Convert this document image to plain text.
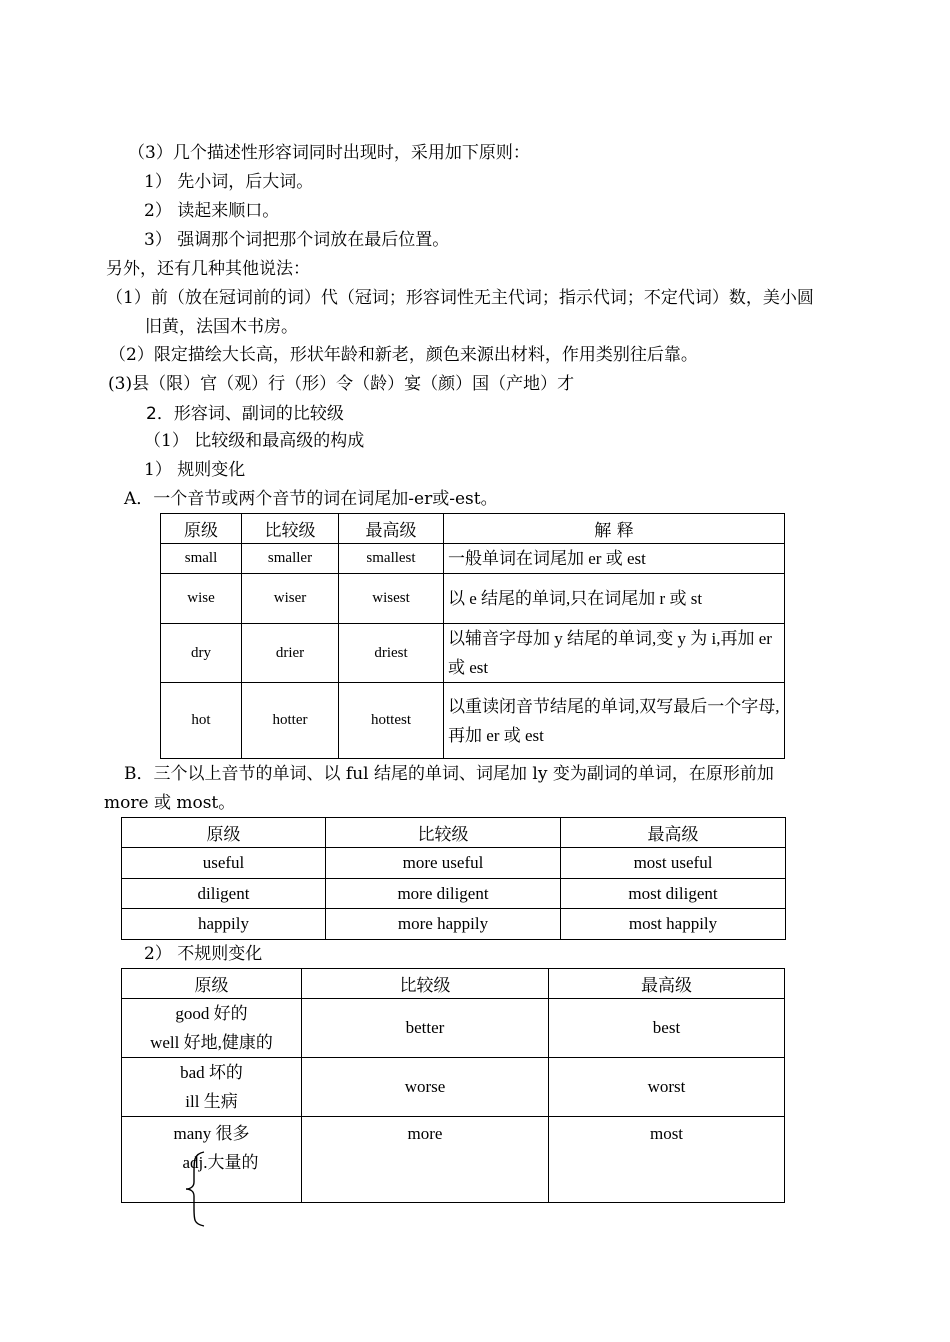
（3）几个描述性形容词同时出现时，采用加下原则：
1） 先小词，后大词。
2） 读起来顺口。
3） 强调那个词把那个词放在最后位置。
另外，还有几种其他说法：
（1）前（放在冠词前的词）代（冠词；形容词性无主代词；指示代词；不定代词）数，美小圆
旧黄，法国木书房。
（2）限定描绘大长高，形状年龄和新老，颜色来源出材料，作用类别往后靠。
(3)县（限）官（观）行（形）令（龄）宴（颜）国（产地）才
2．形容词、副词的比较级
（1） 比较级和最高级的构成
1） 规则变化
A．一个音节或两个音节的词在词尾加-er或-est。
原级	比较级	最高级	解 释
small	smaller	smallest	一般单词在词尾加 er 或 est
wise	wiser	wisest	以 e 结尾的单词,只在词尾加 r 或 st
dry	drier	driest	以辅音字母加 y 结尾的单词,变 y 为 i,再加 er 或 est
hot	hotter	hottest	以重读闭音节结尾的单词,双写最后一个字母,再加 er 或 est
B．三个以上音节的单词、以 ful 结尾的单词、词尾加 ly 变为副词的单词，在原形前加
more 或 most。
原级	比较级	最高级
useful	more useful	most useful
diligent	more diligent	most diligent
happily	more happily	most happily
2） 不规则变化
原级	比较级	最高级

good 好的
well 好地,健康的	better	best

bad 坏的
ill 生病	worse	worst

many 很多
adj.大量的	more	most
